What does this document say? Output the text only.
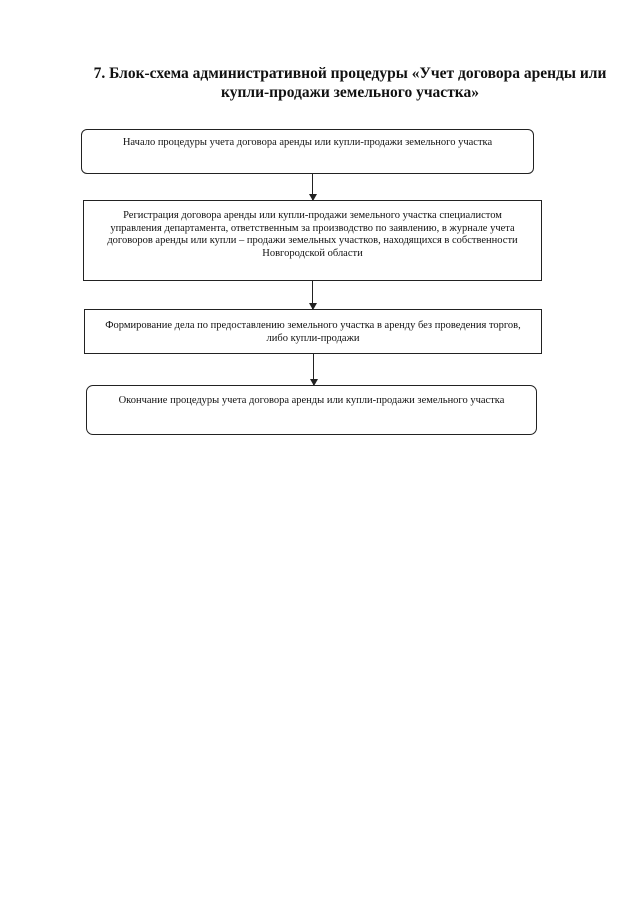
7. Блок-схема административной процедуры «Учет договора аренды или
купли-продажи земельного участка»
Начало процедуры учета договора аренды или купли-продажи земельного участка
Регистрация договора аренды или купли-продажи земельного участка специалистом
управления департамента, ответственным за производство по заявлению, в журнале учета
договоров аренды или купли – продажи земельных участков, находящихся в собственности
Новгородской области
Формирование дела по предоставлению земельного участка в аренду без проведения торгов,
либо купли-продажи
Окончание процедуры учета договора аренды или купли-продажи земельного участка
